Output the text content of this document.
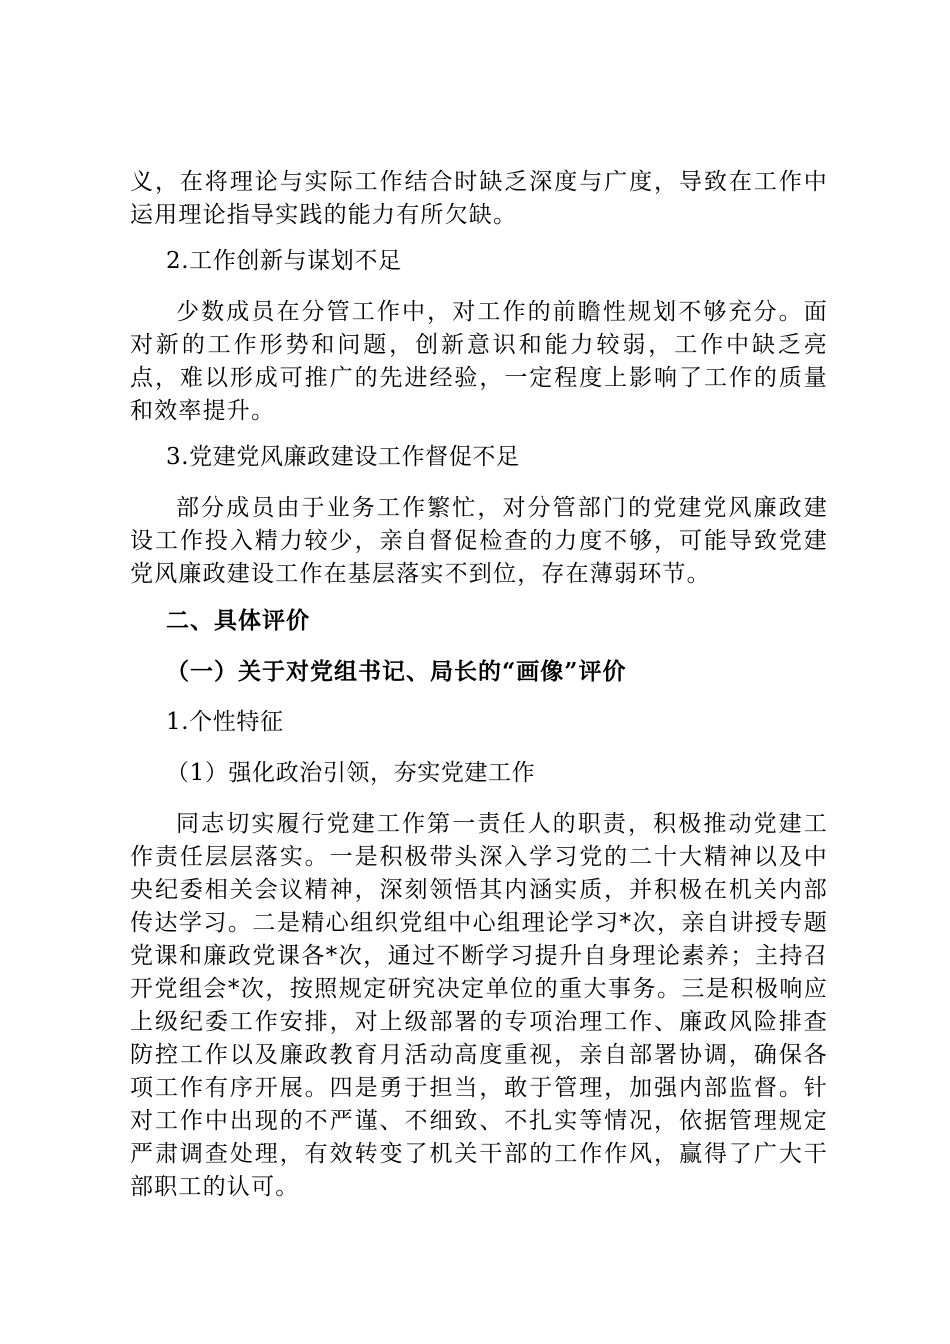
义，在将理论与实际工作结合时缺乏深度与广度，导致在工作中运用理论指导实践的能力有所欠缺。

2.工作创新与谋划不足

少数成员在分管工作中，对工作的前瞻性规划不够充分。面对新的工作形势和问题，创新意识和能力较弱，工作中缺乏亮点，难以形成可推广的先进经验，一定程度上影响了工作的质量和效率提升。

3.党建党风廉政建设工作督促不足

部分成员由于业务工作繁忙，对分管部门的党建党风廉政建设工作投入精力较少，亲自督促检查的力度不够，可能导致党建党风廉政建设工作在基层落实不到位，存在薄弱环节。

二、具体评价

（一）关于对党组书记、局长的“画像”评价

1.个性特征

（1）强化政治引领，夯实党建工作

同志切实履行党建工作第一责任人的职责，积极推动党建工作责任层层落实。一是积极带头深入学习党的二十大精神以及中央纪委相关会议精神，深刻领悟其内涵实质，并积极在机关内部传达学习。二是精心组织党组中心组理论学习*次，亲自讲授专题党课和廉政党课各*次，通过不断学习提升自身理论素养；主持召开党组会*次，按照规定研究决定单位的重大事务。三是积极响应上级纪委工作安排，对上级部署的专项治理工作、廉政风险排查防控工作以及廉政教育月活动高度重视，亲自部署协调，确保各项工作有序开展。四是勇于担当，敢于管理，加强内部监督。针对工作中出现的不严谨、不细致、不扎实等情况，依据管理规定严肃调查处理，有效转变了机关干部的工作作风，赢得了广大干部职工的认可。
